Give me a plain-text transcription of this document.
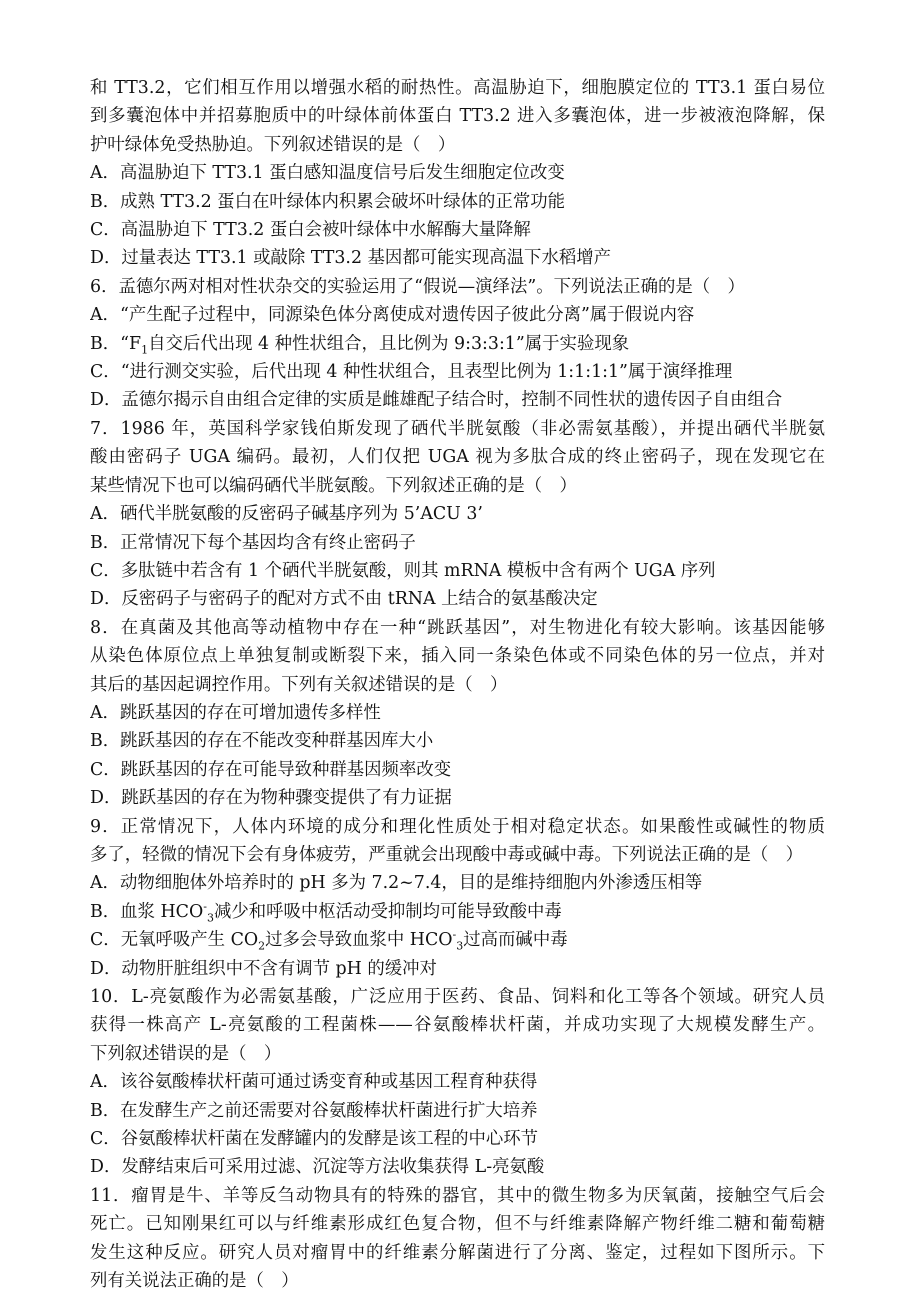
和 TT3.2，它们相互作用以增强水稻的耐热性。高温胁迫下，细胞膜定位的 TT3.1 蛋白易位
到多囊泡体中并招募胞质中的叶绿体前体蛋白 TT3.2 进入多囊泡体，进一步被液泡降解，保
护叶绿体免受热胁迫。下列叙述错误的是（　）
A．高温胁迫下 TT3.1 蛋白感知温度信号后发生细胞定位改变
B．成熟 TT3.2 蛋白在叶绿体内积累会破坏叶绿体的正常功能
C．高温胁迫下 TT3.2 蛋白会被叶绿体中水解酶大量降解
D．过量表达 TT3.1 或敲除 TT3.2 基因都可能实现高温下水稻增产
6．孟德尔两对相对性状杂交的实验运用了“假说—演绎法”。下列说法正确的是（　）
A．“产生配子过程中，同源染色体分离使成对遗传因子彼此分离”属于假说内容
B．“$F_1$自交后代出现 4 种性状组合，且比例为 9:3:3:1”属于实验现象
C．“进行测交实验，后代出现 4 种性状组合，且表型比例为 1:1:1:1”属于演绎推理
D．孟德尔揭示自由组合定律的实质是雌雄配子结合时，控制不同性状的遗传因子自由组合
7．1986 年，英国科学家钱伯斯发现了硒代半胱氨酸（非必需氨基酸），并提出硒代半胱氨
酸由密码子 UGA 编码。最初，人们仅把 UGA 视为多肽合成的终止密码子，现在发现它在
某些情况下也可以编码硒代半胱氨酸。下列叙述正确的是（　）
A．硒代半胱氨酸的反密码子碱基序列为 5’ACU 3’
B．正常情况下每个基因均含有终止密码子
C．多肽链中若含有 1 个硒代半胱氨酸，则其 mRNA 模板中含有两个 UGA 序列
D．反密码子与密码子的配对方式不由 tRNA 上结合的氨基酸决定
8．在真菌及其他高等动植物中存在一种“跳跃基因”，对生物进化有较大影响。该基因能够
从染色体原位点上单独复制或断裂下来，插入同一条染色体或不同染色体的另一位点，并对
其后的基因起调控作用。下列有关叙述错误的是（　）
A．跳跃基因的存在可增加遗传多样性
B．跳跃基因的存在不能改变种群基因库大小
C．跳跃基因的存在可能导致种群基因频率改变
D．跳跃基因的存在为物种骤变提供了有力证据
9．正常情况下，人体内环境的成分和理化性质处于相对稳定状态。如果酸性或碱性的物质
多了，轻微的情况下会有身体疲劳，严重就会出现酸中毒或碱中毒。下列说法正确的是（　）
A．动物细胞体外培养时的 pH 多为 7.2~7.4，目的是维持细胞内外渗透压相等
B．血浆 $HCO^-_3$减少和呼吸中枢活动受抑制均可能导致酸中毒
C．无氧呼吸产生 $CO_2$过多会导致血浆中 $HCO^-_3$过高而碱中毒
D．动物肝脏组织中不含有调节 pH 的缓冲对
10．L-亮氨酸作为必需氨基酸，广泛应用于医药、食品、饲料和化工等各个领域。研究人员
获得一株高产 L-亮氨酸的工程菌株——谷氨酸棒状杆菌，并成功实现了大规模发酵生产。
下列叙述错误的是（　）
A．该谷氨酸棒状杆菌可通过诱变育种或基因工程育种获得
B．在发酵生产之前还需要对谷氨酸棒状杆菌进行扩大培养
C．谷氨酸棒状杆菌在发酵罐内的发酵是该工程的中心环节
D．发酵结束后可采用过滤、沉淀等方法收集获得 L-亮氨酸
11．瘤胃是牛、羊等反刍动物具有的特殊的器官，其中的微生物多为厌氧菌，接触空气后会
死亡。已知刚果红可以与纤维素形成红色复合物，但不与纤维素降解产物纤维二糖和葡萄糖
发生这种反应。研究人员对瘤胃中的纤维素分解菌进行了分离、鉴定，过程如下图所示。下
列有关说法正确的是（　）
